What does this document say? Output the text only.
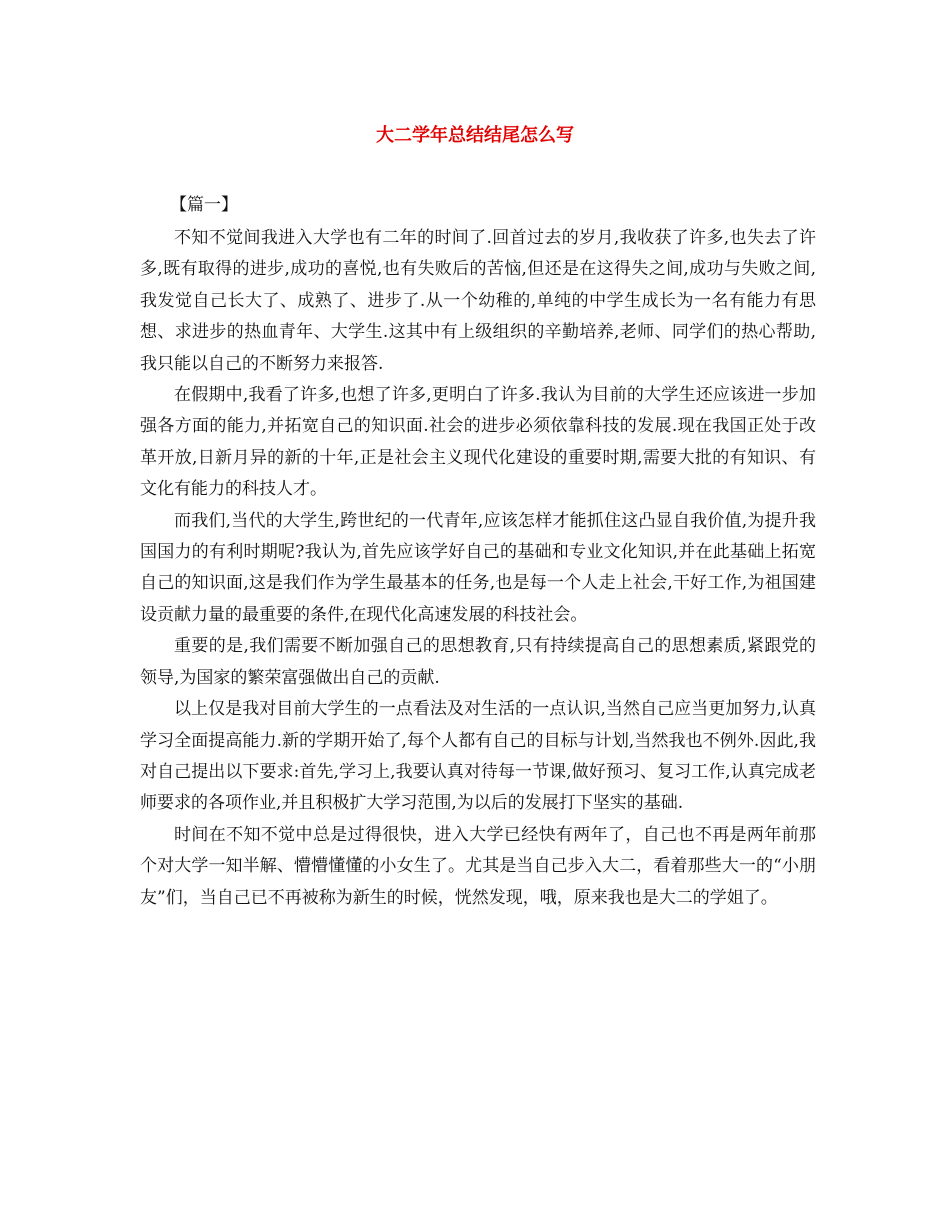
大二学年总结结尾怎么写

【篇一】

不知不觉间我进入大学也有二年的时间了.回首过去的岁月,我收获了许多,也失去了许多,既有取得的进步,成功的喜悦,也有失败后的苦恼,但还是在这得失之间,成功与失败之间,我发觉自己长大了、成熟了、进步了.从一个幼稚的,单纯的中学生成长为一名有能力有思想、求进步的热血青年、大学生.这其中有上级组织的辛勤培养,老师、同学们的热心帮助,我只能以自己的不断努力来报答.

在假期中,我看了许多,也想了许多,更明白了许多.我认为目前的大学生还应该进一步加强各方面的能力,并拓宽自己的知识面.社会的进步必须依靠科技的发展.现在我国正处于改革开放,日新月异的新的十年,正是社会主义现代化建设的重要时期,需要大批的有知识、有文化有能力的科技人才。

而我们,当代的大学生,跨世纪的一代青年,应该怎样才能抓住这凸显自我价值,为提升我国国力的有利时期呢?我认为,首先应该学好自己的基础和专业文化知识,并在此基础上拓宽自己的知识面,这是我们作为学生最基本的任务,也是每一个人走上社会,干好工作,为祖国建设贡献力量的最重要的条件,在现代化高速发展的科技社会。

重要的是,我们需要不断加强自己的思想教育,只有持续提高自己的思想素质,紧跟党的领导,为国家的繁荣富强做出自己的贡献.

以上仅是我对目前大学生的一点看法及对生活的一点认识,当然自己应当更加努力,认真学习全面提高能力.新的学期开始了,每个人都有自己的目标与计划,当然我也不例外.因此,我对自己提出以下要求:首先,学习上,我要认真对待每一节课,做好预习、复习工作,认真完成老师要求的各项作业,并且积极扩大学习范围,为以后的发展打下坚实的基础.

时间在不知不觉中总是过得很快，进入大学已经快有两年了，自己也不再是两年前那个对大学一知半解、懵懵懂懂的小女生了。尤其是当自己步入大二，看着那些大一的“小朋友”们，当自己已不再被称为新生的时候，恍然发现，哦，原来我也是大二的学姐了。
